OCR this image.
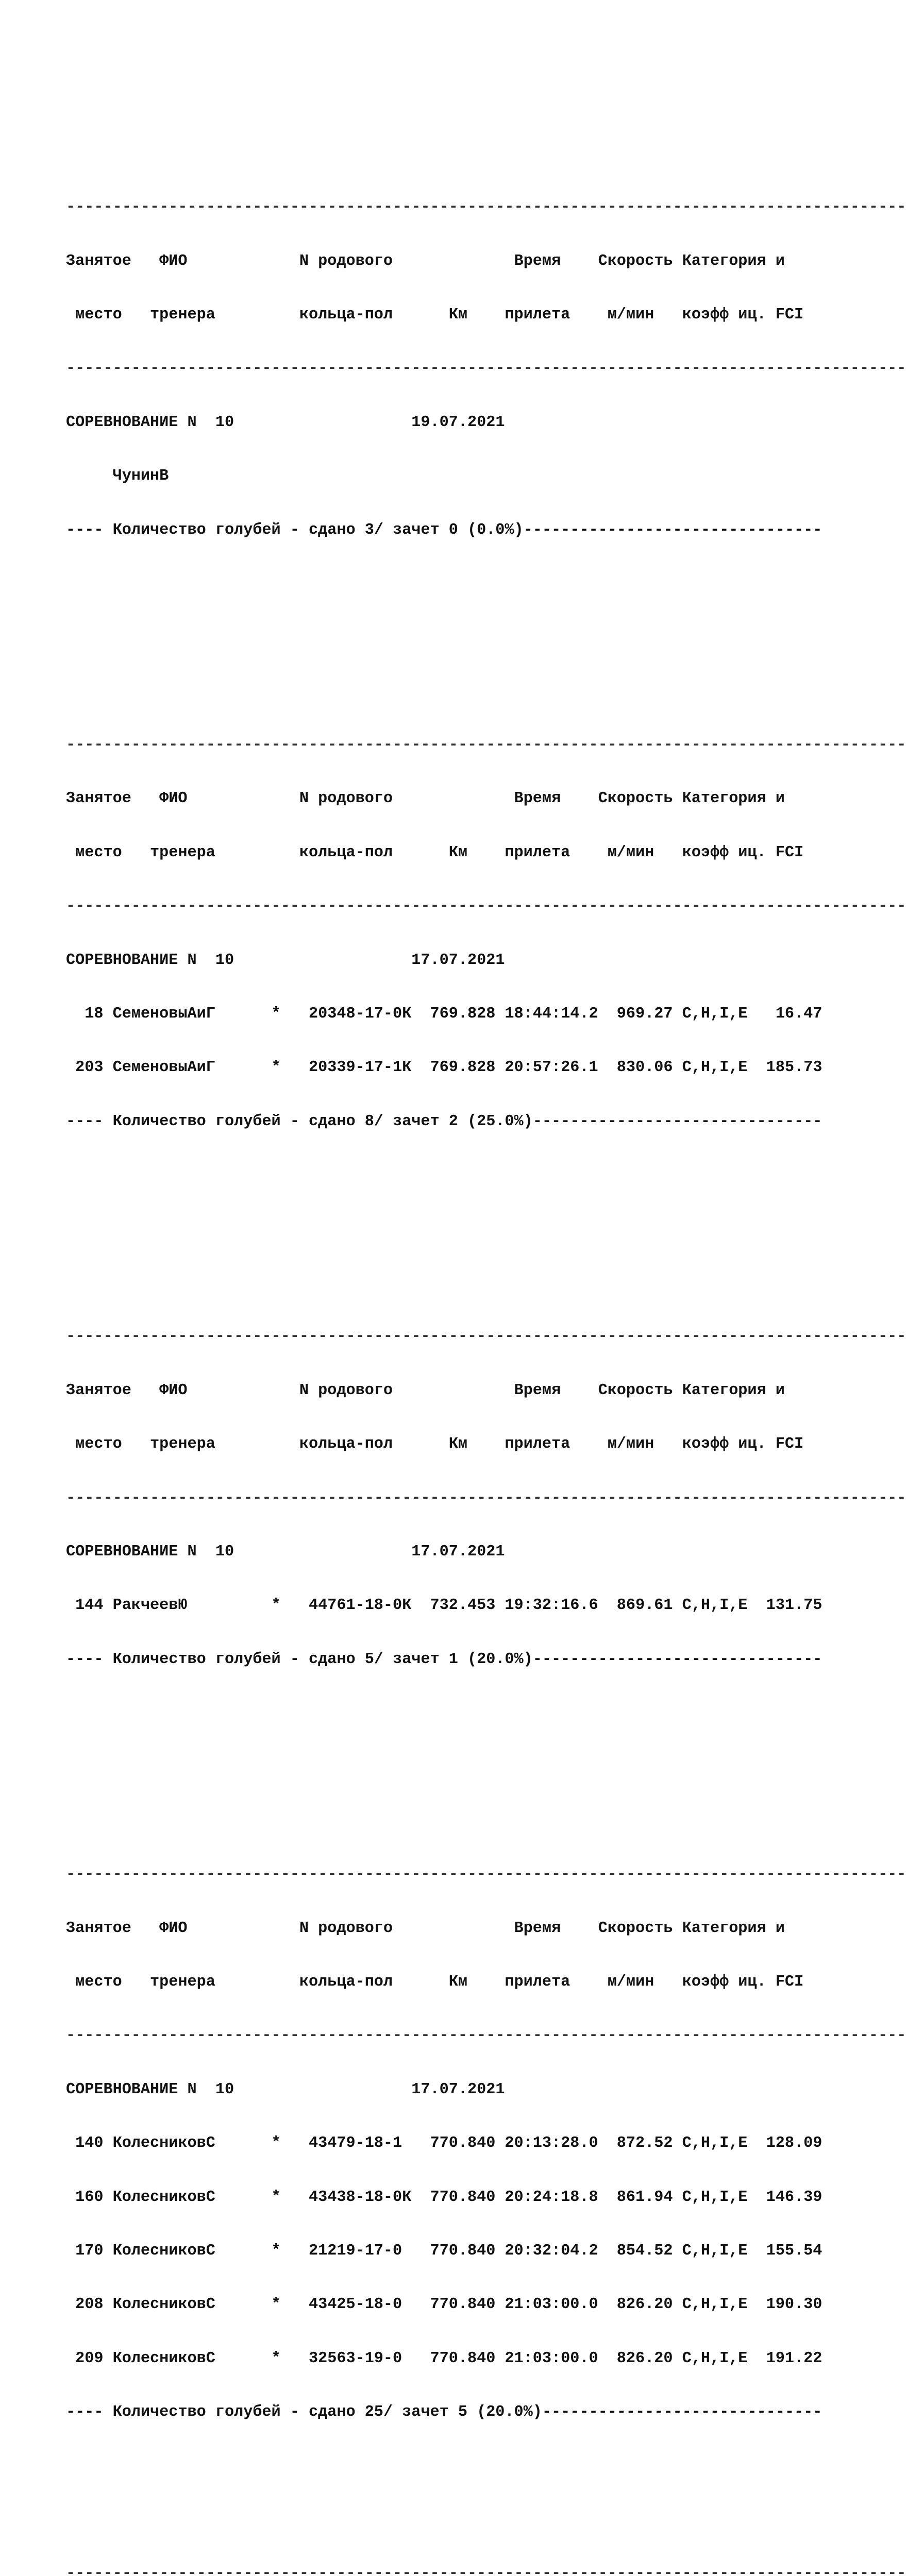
------------------------------------------------------------------------------------------

Занятое   ФИО            N родового             Время    Скорость Категория и

место   тренера         кольца-пол      Км    прилета    м/мин   коэфф иц. FCI

------------------------------------------------------------------------------------------

СОРЕВНОВАНИЕ N  10	19.07.2021

ЧунинВ

---- Количество голубей - сдано 3/ зачет 0 (0.0%)--------------------------------

------------------------------------------------------------------------------------------

Занятое   ФИО            N родового             Время    Скорость Категория и

место   тренера         кольца-пол      Км    прилета    м/мин   коэфф иц. FCI

------------------------------------------------------------------------------------------

СОРЕВНОВАНИЕ N  10	17.07.2021

18 СеменовыАиГ      *   20348-17-0К  769.828 18:44:14.2  969.27 C,H,I,E   16.47

203 СеменовыАиГ      *   20339-17-1К  769.828 20:57:26.1  830.06 C,H,I,E  185.73

---- Количество голубей - сдано 8/ зачет 2 (25.0%)-------------------------------

------------------------------------------------------------------------------------------

Занятое   ФИО            N родового             Время    Скорость Категория и

место   тренера         кольца-пол      Км    прилета    м/мин   коэфф иц. FCI

------------------------------------------------------------------------------------------

СОРЕВНОВАНИЕ N  10	17.07.2021

144 РакчеевЮ         *   44761-18-0К  732.453 19:32:16.6  869.61 C,H,I,E  131.75

---- Количество голубей - сдано 5/ зачет 1 (20.0%)-------------------------------

------------------------------------------------------------------------------------------

Занятое   ФИО            N родового             Время    Скорость Категория и

место   тренера         кольца-пол      Км    прилета    м/мин   коэфф иц. FCI

------------------------------------------------------------------------------------------

СОРЕВНОВАНИЕ N  10	17.07.2021

140 КолесниковС      *   43479-18-1   770.840 20:13:28.0  872.52 C,H,I,E  128.09

160 КолесниковС      *   43438-18-0К  770.840 20:24:18.8  861.94 C,H,I,E  146.39

170 КолесниковС      *   21219-17-0   770.840 20:32:04.2  854.52 C,H,I,E  155.54

208 КолесниковС      *   43425-18-0   770.840 21:03:00.0  826.20 C,H,I,E  190.30

209 КолесниковС      *   32563-19-0   770.840 21:03:00.0  826.20 C,H,I,E  191.22

---- Количество голубей - сдано 25/ зачет 5 (20.0%)------------------------------

------------------------------------------------------------------------------------------
